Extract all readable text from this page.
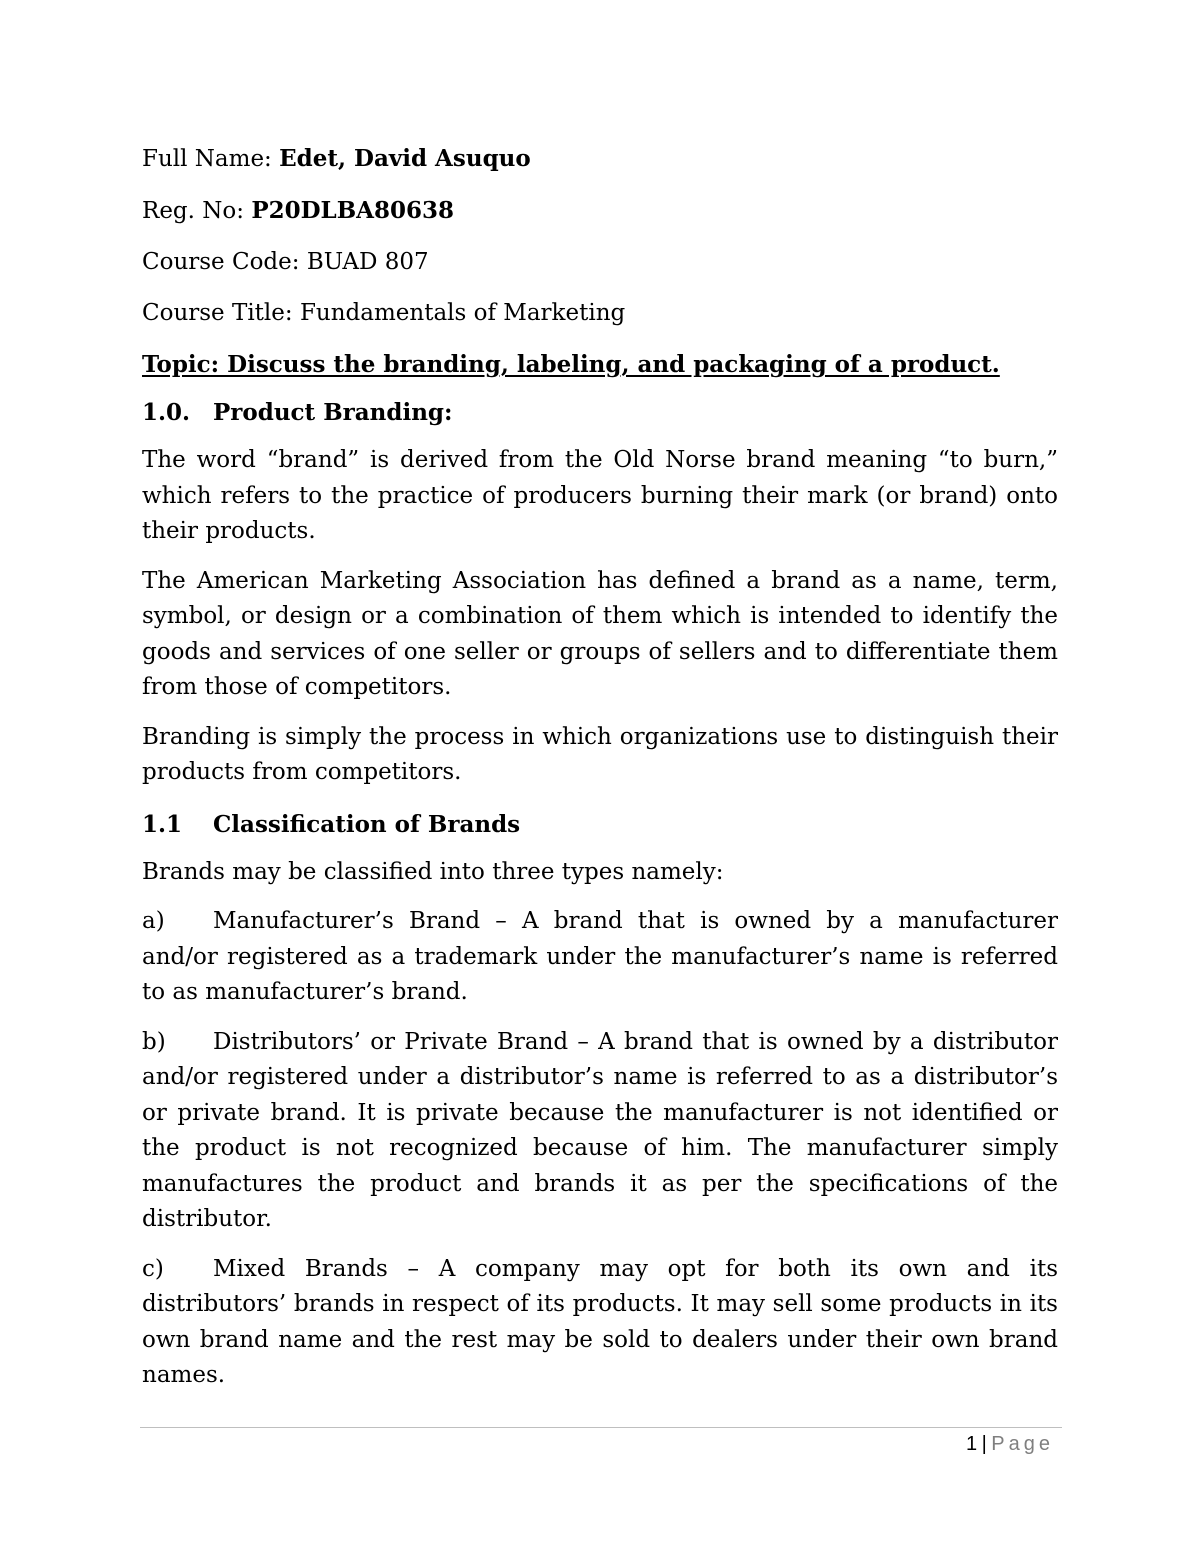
Full Name: Edet, David Asuquo
Reg. No: P20DLBA80638
Course Code: BUAD 807
Course Title: Fundamentals of Marketing
Topic: Discuss the branding, labeling, and packaging of a product.
1.0. Product Branding:

The word “brand” is derived from the Old Norse brand meaning “to burn,” which refers to the practice of producers burning their mark (or brand) onto their products.

The American Marketing Association has defined a brand as a name, term, symbol, or design or a combination of them which is intended to identify the goods and services of one seller or groups of sellers and to differentiate them from those of competitors.

Branding is simply the process in which organizations use to distinguish their products from competitors.

1.1	Classification of Brands

Brands may be classified into three types namely:

a) Manufacturer’s Brand – A brand that is owned by a manufacturer and/or registered as a trademark under the manufacturer’s name is referred to as manufacturer’s brand.

b) Distributors’ or Private Brand – A brand that is owned by a distributor and/or registered under a distributor’s name is referred to as a distributor’s or private brand. It is private because the manufacturer is not identified or the product is not recognized because of him. The manufacturer simply manufactures the product and brands it as per the specifications of the distributor.

c) Mixed Brands – A company may opt for both its own and its distributors’ brands in respect of its products. It may sell some products in its own brand name and the rest may be sold to dealers under their own brand names.

1 | Page
